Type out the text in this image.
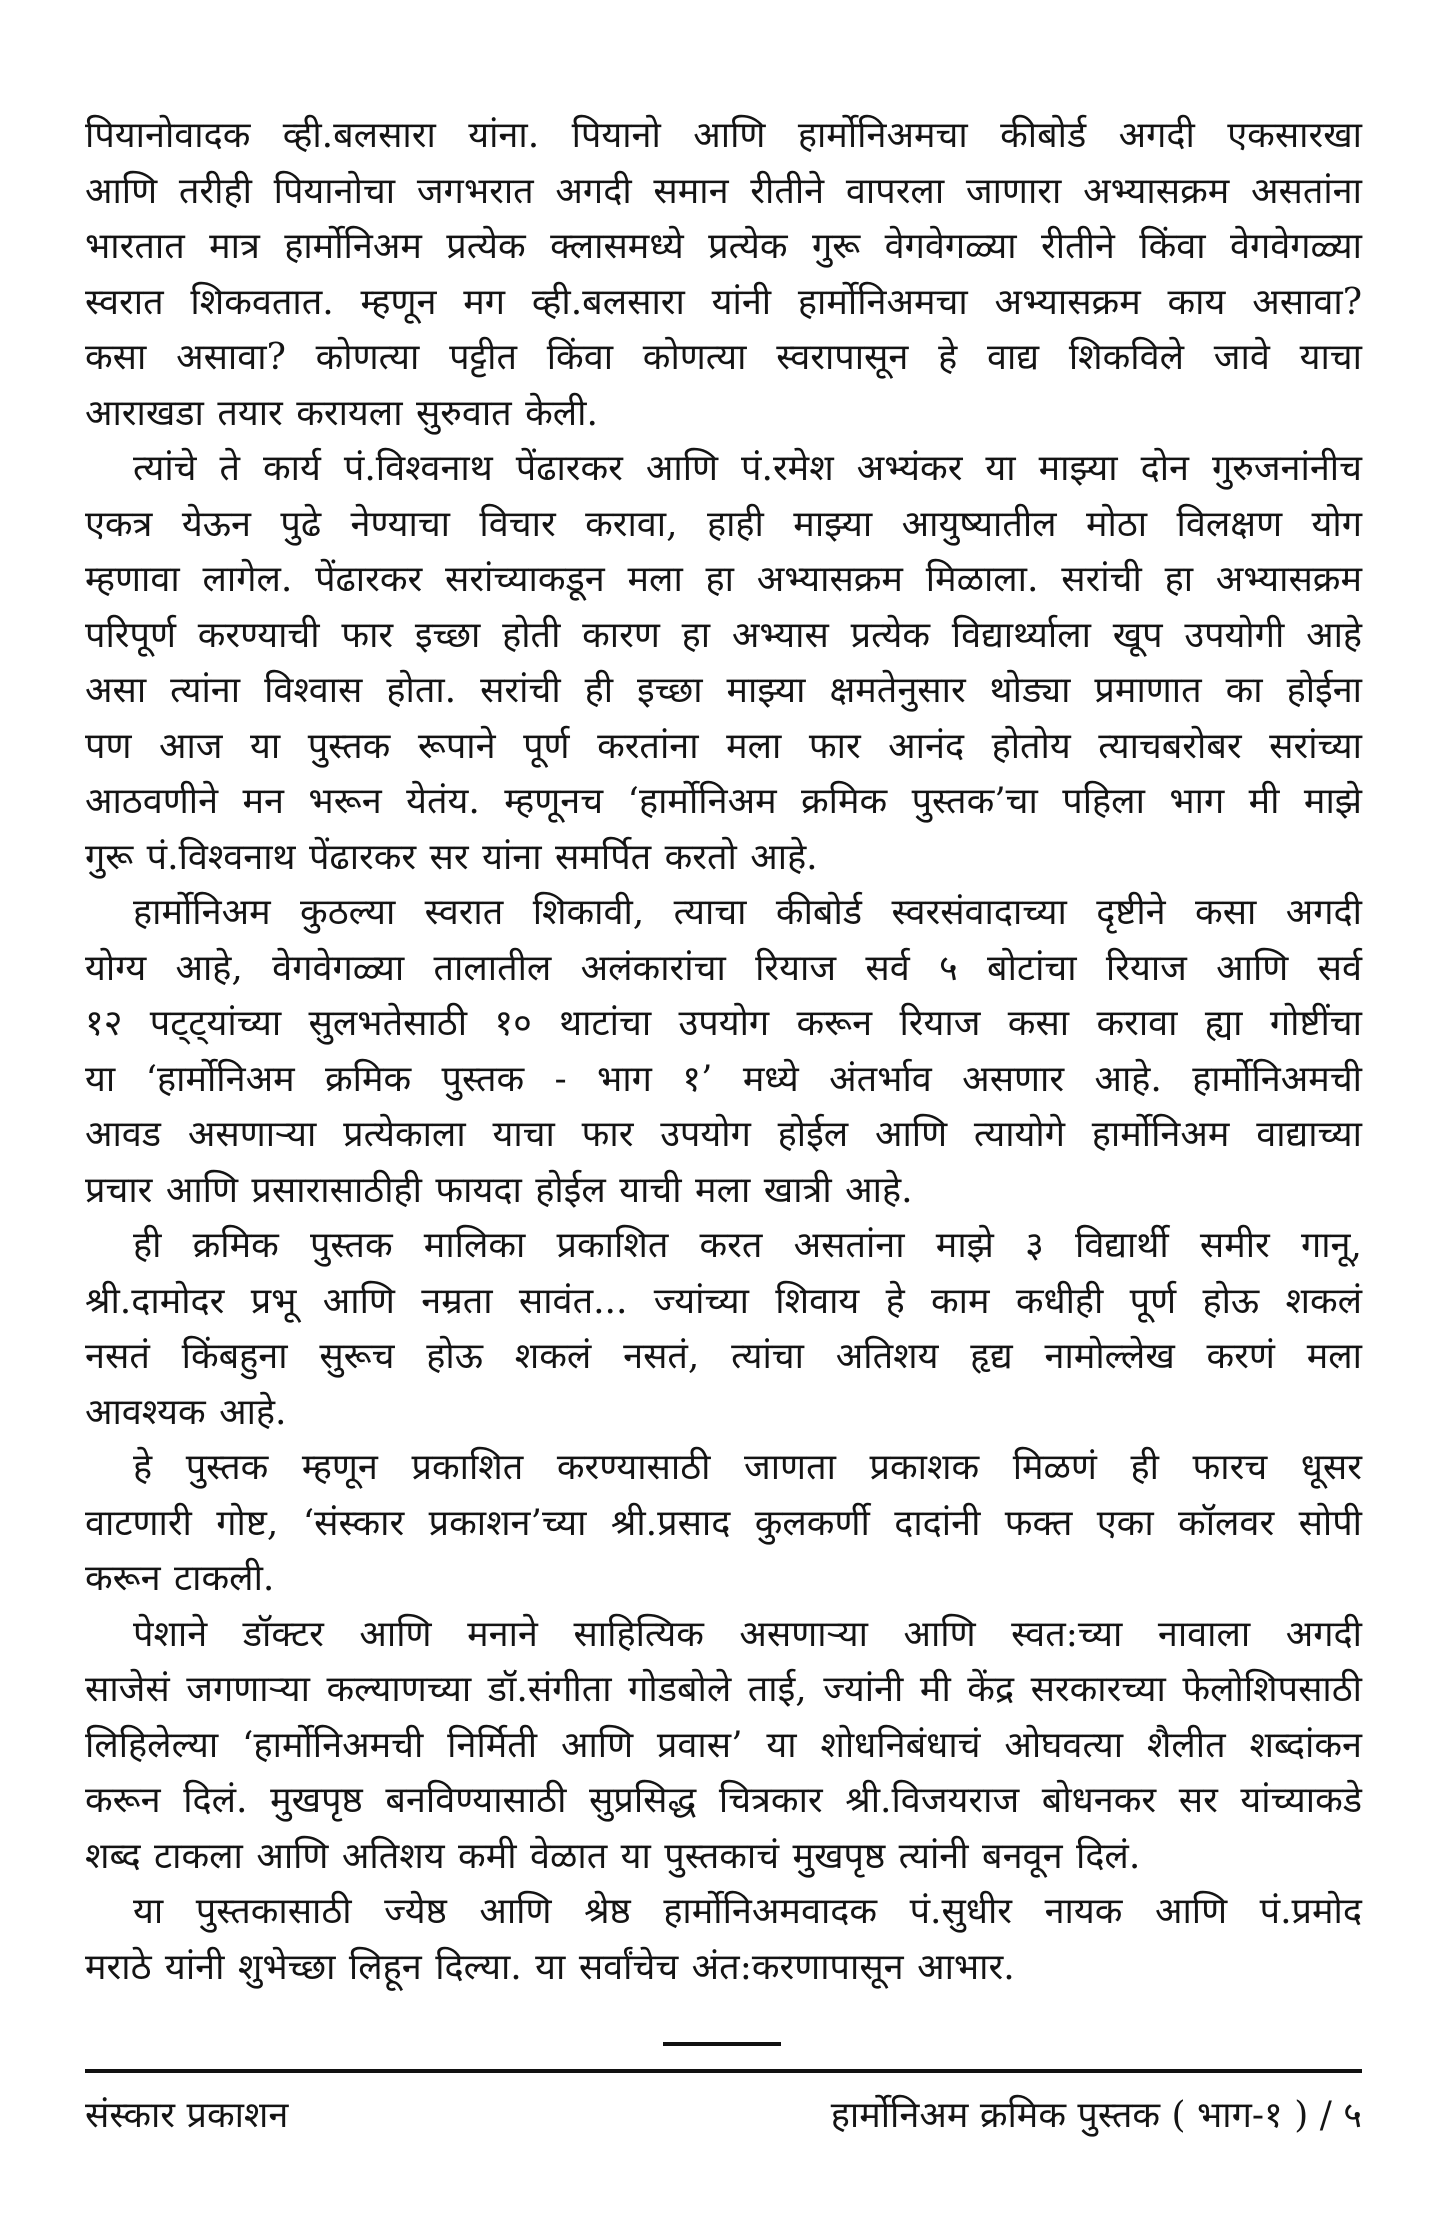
पियानोवादक व्ही.बलसारा यांना. पियानो आणि हार्मोनिअमचा कीबोर्ड अगदी एकसारखा
आणि तरीही पियानोचा जगभरात अगदी समान रीतीने वापरला जाणारा अभ्यासक्रम असतांना
भारतात मात्र हार्मोनिअम प्रत्येक क्लासमध्ये प्रत्येक गुरू वेगवेगळ्या रीतीने किंवा वेगवेगळ्या
स्वरात शिकवतात. म्हणून मग व्ही.बलसारा यांनी हार्मोनिअमचा अभ्यासक्रम काय असावा?
कसा असावा? कोणत्या पट्टीत किंवा कोणत्या स्वरापासून हे वाद्य शिकविले जावे याचा
आराखडा तयार करायला सुरुवात केली.
त्यांचे ते कार्य पं.विश्वनाथ पेंढारकर आणि पं.रमेश अभ्यंकर या माझ्या दोन गुरुजनांनीच
एकत्र येऊन पुढे नेण्याचा विचार करावा, हाही माझ्या आयुष्यातील मोठा विलक्षण योग
म्हणावा लागेल. पेंढारकर सरांच्याकडून मला हा अभ्यासक्रम मिळाला. सरांची हा अभ्यासक्रम
परिपूर्ण करण्याची फार इच्छा होती कारण हा अभ्यास प्रत्येक विद्यार्थ्याला खूप उपयोगी आहे
असा त्यांना विश्वास होता. सरांची ही इच्छा माझ्या क्षमतेनुसार थोड्या प्रमाणात का होईना
पण आज या पुस्तक रूपाने पूर्ण करतांना मला फार आनंद होतोय त्याचबरोबर सरांच्या
आठवणीने मन भरून येतंय. म्हणूनच ‘हार्मोनिअम क्रमिक पुस्तक’चा पहिला भाग मी माझे
गुरू पं.विश्वनाथ पेंढारकर सर यांना समर्पित करतो आहे.
हार्मोनिअम कुठल्या स्वरात शिकावी, त्याचा कीबोर्ड स्वरसंवादाच्या दृष्टीने कसा अगदी
योग्य आहे, वेगवेगळ्या तालातील अलंकारांचा रियाज सर्व ५ बोटांचा रियाज आणि सर्व
१२ पट्ट्यांच्या सुलभतेसाठी १० थाटांचा उपयोग करून रियाज कसा करावा ह्या गोष्टींचा
या ‘हार्मोनिअम क्रमिक पुस्तक - भाग १’ मध्ये अंतर्भाव असणार आहे. हार्मोनिअमची
आवड असणाऱ्या प्रत्येकाला याचा फार उपयोग होईल आणि त्यायोगे हार्मोनिअम वाद्याच्या
प्रचार आणि प्रसारासाठीही फायदा होईल याची मला खात्री आहे.
ही क्रमिक पुस्तक मालिका प्रकाशित करत असतांना माझे ३ विद्यार्थी समीर गानू,
श्री.दामोदर प्रभू आणि नम्रता सावंत... ज्यांच्या शिवाय हे काम कधीही पूर्ण होऊ शकलं
नसतं किंबहुना सुरूच होऊ शकलं नसतं, त्यांचा अतिशय हृद्य नामोल्लेख करणं मला
आवश्यक आहे.
हे पुस्तक म्हणून प्रकाशित करण्यासाठी जाणता प्रकाशक मिळणं ही फारच धूसर
वाटणारी गोष्ट, ‘संस्कार प्रकाशन’च्या श्री.प्रसाद कुलकर्णी दादांनी फक्त एका कॉलवर सोपी
करून टाकली.
पेशाने डॉक्टर आणि मनाने साहित्यिक असणाऱ्या आणि स्वत:च्या नावाला अगदी
साजेसं जगणाऱ्या कल्याणच्या डॉ.संगीता गोडबोले ताई, ज्यांनी मी केंद्र सरकारच्या फेलोशिपसाठी
लिहिलेल्या ‘हार्मोनिअमची निर्मिती आणि प्रवास’ या शोधनिबंधाचं ओघवत्या शैलीत शब्दांकन
करून दिलं. मुखपृष्ठ बनविण्यासाठी सुप्रसिद्ध चित्रकार श्री.विजयराज बोधनकर सर यांच्याकडे
शब्द टाकला आणि अतिशय कमी वेळात या पुस्तकाचं मुखपृष्ठ त्यांनी बनवून दिलं.
या पुस्तकासाठी ज्येष्ठ आणि श्रेष्ठ हार्मोनिअमवादक पं.सुधीर नायक आणि पं.प्रमोद
मराठे यांनी शुभेच्छा लिहून दिल्या. या सर्वांचेच अंत:करणापासून आभार.
संस्कार प्रकाशन	हार्मोनिअम क्रमिक पुस्तक ( भाग-१ ) / ५
